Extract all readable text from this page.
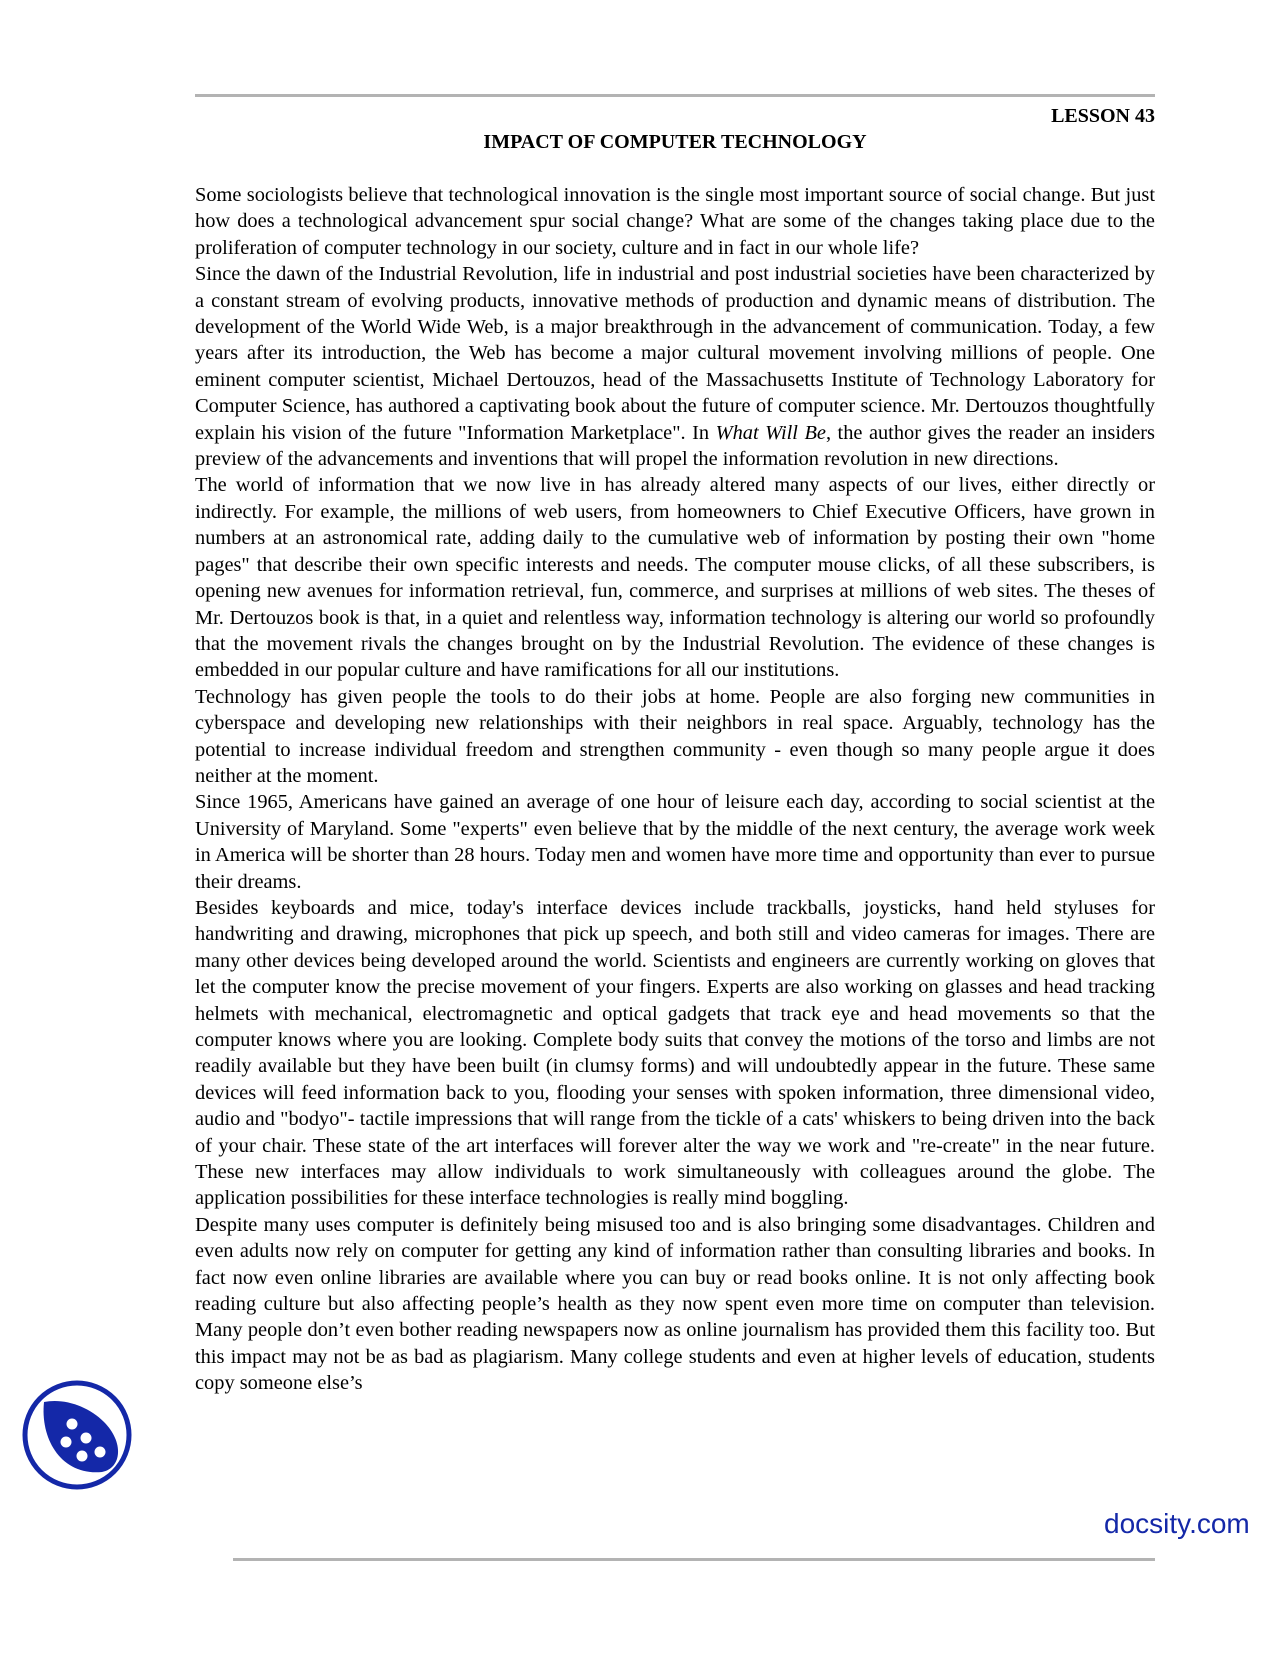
LESSON 43
IMPACT OF COMPUTER TECHNOLOGY

Some sociologists believe that technological innovation is the single most important source of social change. But just how does a technological advancement spur social change? What are some of the changes taking place due to the proliferation of computer technology in our society, culture and in fact in our whole life?

Since the dawn of the Industrial Revolution, life in industrial and post industrial societies have been characterized by a constant stream of evolving products, innovative methods of production and dynamic means of distribution. The development of the World Wide Web, is a major breakthrough in the advancement of communication. Today, a few years after its introduction, the Web has become a major cultural movement involving millions of people. One eminent computer scientist, Michael Dertouzos, head of the Massachusetts Institute of Technology Laboratory for Computer Science, has authored a captivating book about the future of computer science. Mr. Dertouzos thoughtfully explain his vision of the future "Information Marketplace". In What Will Be, the author gives the reader an insiders preview of the advancements and inventions that will propel the information revolution in new directions.

The world of information that we now live in has already altered many aspects of our lives, either directly or indirectly. For example, the millions of web users, from homeowners to Chief Executive Officers, have grown in numbers at an astronomical rate, adding daily to the cumulative web of information by posting their own "home pages" that describe their own specific interests and needs. The computer mouse clicks, of all these subscribers, is opening new avenues for information retrieval, fun, commerce, and surprises at millions of web sites. The theses of Mr. Dertouzos book is that, in a quiet and relentless way, information technology is altering our world so profoundly that the movement rivals the changes brought on by the Industrial Revolution. The evidence of these changes is embedded in our popular culture and have ramifications for all our institutions.

Technology has given people the tools to do their jobs at home. People are also forging new communities in cyberspace and developing new relationships with their neighbors in real space. Arguably, technology has the potential to increase individual freedom and strengthen community - even though so many people argue it does neither at the moment.

Since 1965, Americans have gained an average of one hour of leisure each day, according to social scientist at the University of Maryland. Some "experts" even believe that by the middle of the next century, the average work week in America will be shorter than 28 hours. Today men and women have more time and opportunity than ever to pursue their dreams.

Besides keyboards and mice, today's interface devices include trackballs, joysticks, hand held styluses for handwriting and drawing, microphones that pick up speech, and both still and video cameras for images. There are many other devices being developed around the world. Scientists and engineers are currently working on gloves that let the computer know the precise movement of your fingers. Experts are also working on glasses and head tracking helmets with mechanical, electromagnetic and optical gadgets that track eye and head movements so that the computer knows where you are looking. Complete body suits that convey the motions of the torso and limbs are not readily available but they have been built (in clumsy forms) and will undoubtedly appear in the future. These same devices will feed information back to you, flooding your senses with spoken information, three dimensional video, audio and "bodyo"- tactile impressions that will range from the tickle of a cats' whiskers to being driven into the back of your chair. These state of the art interfaces will forever alter the way we work and "re-create" in the near future. These new interfaces may allow individuals to work simultaneously with colleagues around the globe. The application possibilities for these interface technologies is really mind boggling.

Despite many uses computer is definitely being misused too and is also bringing some disadvantages. Children and even adults now rely on computer for getting any kind of information rather than consulting libraries and books. In fact now even online libraries are available where you can buy or read books online. It is not only affecting book reading culture but also affecting people’s health as they now spent even more time on computer than television. Many people don’t even bother reading newspapers now as online journalism has provided them this facility too. But this impact may not be as bad as plagiarism. Many college students and even at higher levels of education, students copy someone else’s

docsity.com
